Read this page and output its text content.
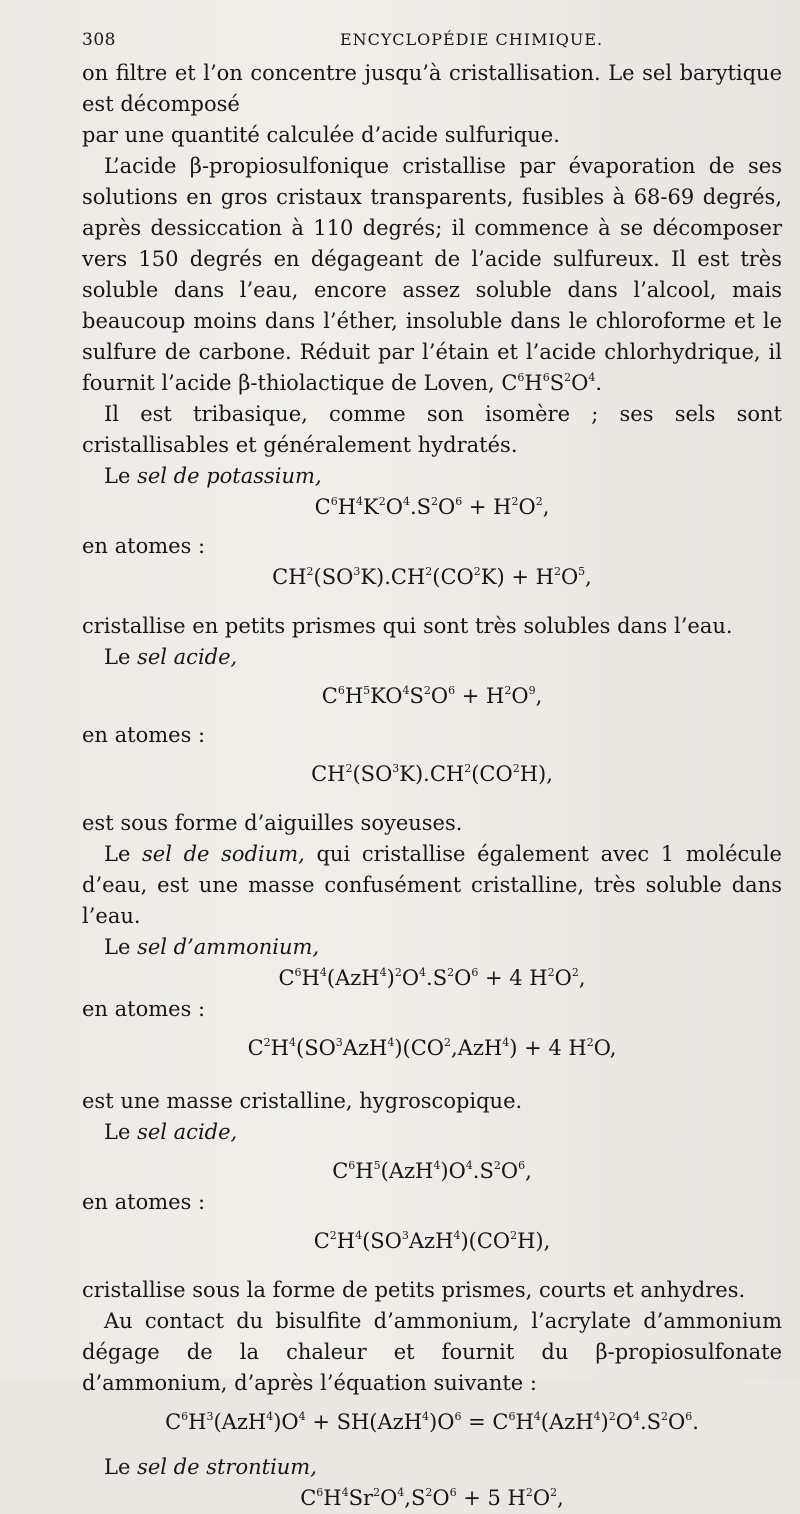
308	ENCYCLOPÉDIE CHIMIQUE.

on filtre et l’on concentre jusqu’à cristallisation. Le sel barytique est décomposé
par une quantité calculée d’acide sulfurique.

L’acide β-propiosulfonique cristallise par évaporation de ses solutions en gros cristaux transparents, fusibles à 68-69 degrés, après dessiccation à 110 degrés; il commence à se décomposer vers 150 degrés en dégageant de l’acide sulfureux. Il est très soluble dans l’eau, encore assez soluble dans l’alcool, mais beaucoup moins dans l’éther, insoluble dans le chloroforme et le sulfure de carbone. Réduit par l’étain et l’acide chlorhydrique, il fournit l’acide β-thiolactique de Loven, $C^6H^6S^2O^4$.

Il est tribasique, comme son isomère ; ses sels sont cristallisables et généralement hydratés.

Le sel de potassium,

$C^6H^4K^2O^4.S^2O^6 + H^2O^2$,

en atomes :

$CH^2(SO^3K).CH^2(CO^2K) + H^2O^5$,

cristallise en petits prismes qui sont très solubles dans l’eau.

Le sel acide,

$C^6H^5KO^4S^2O^6 + H^2O^9$,

en atomes :

$CH^2(SO^3K).CH^2(CO^2H)$,

est sous forme d’aiguilles soyeuses.

Le sel de sodium, qui cristallise également avec 1 molécule d’eau, est une masse confusément cristalline, très soluble dans l’eau.

Le sel d’ammonium,

$C^6H^4(AzH^4)^2O^4.S^2O^6 + 4$ $H^2O^2$,

en atomes :

$C^2H^4(SO^3AzH^4)(CO^2,AzH^4) + 4$ $H^2O$,

est une masse cristalline, hygroscopique.

Le sel acide,

$C^6H^5(AzH^4)O^4.S^2O^6$,

en atomes :

$C^2H^4(SO^3AzH^4)(CO^2H)$,

cristallise sous la forme de petits prismes, courts et anhydres.

Au contact du bisulfite d’ammonium, l’acrylate d’ammonium dégage de la chaleur et fournit du β-propiosulfonate d’ammonium, d’après l’équation suivante :

$C^6H^3(AzH^4)O^4 + SH(AzH^4)O^6 = C^6H^4(AzH^4)^2O^4.S^2O^6$.

Le sel de strontium,

$C^6H^4Sr^2O^4,S^2O^6 + 5$ $H^2O^2$,
